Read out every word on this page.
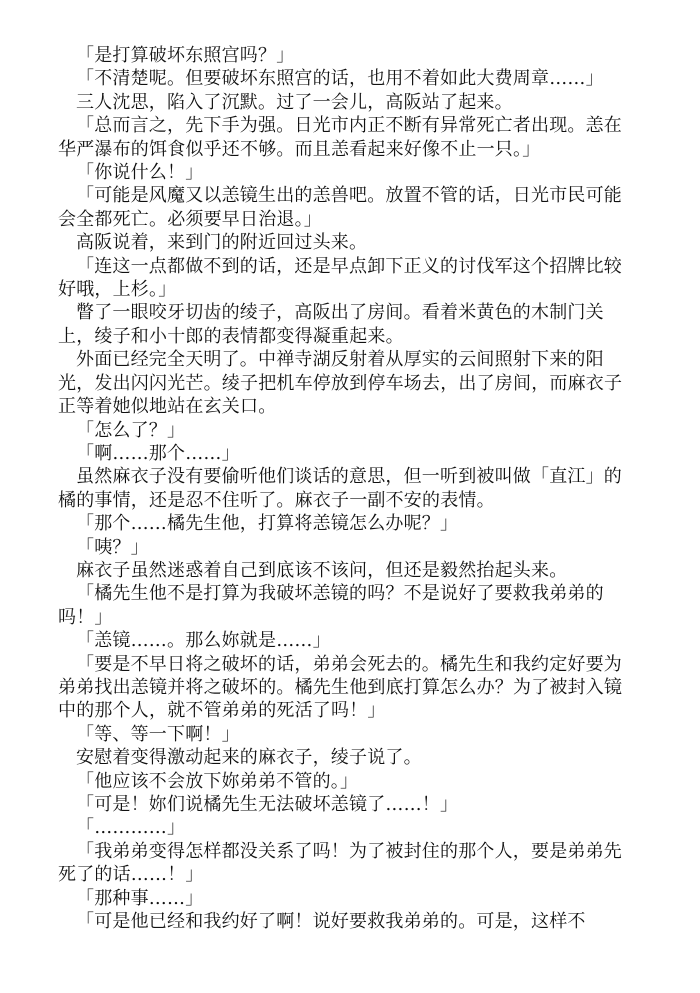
「是打算破坏东照宫吗？」

「不清楚呢。但要破坏东照宫的话，也用不着如此大费周章……」

三人沈思，陷入了沉默。过了一会儿，高阪站了起来。

「总而言之，先下手为强。日光市内正不断有异常死亡者出现。恙在华严瀑布的饵食似乎还不够。而且恙看起来好像不止一只。」

「你说什么！」

「可能是风魔又以恙镜生出的恙兽吧。放置不管的话，日光市民可能会全都死亡。必须要早日治退。」

高阪说着，来到门的附近回过头来。

「连这一点都做不到的话，还是早点卸下正义的讨伐军这个招牌比较好哦，上杉。」

瞥了一眼咬牙切齿的绫子，高阪出了房间。看着米黄色的木制门关上，绫子和小十郎的表情都变得凝重起来。

外面已经完全天明了。中禅寺湖反射着从厚实的云间照射下来的阳光，发出闪闪光芒。绫子把机车停放到停车场去，出了房间，而麻衣子正等着她似地站在玄关口。

「怎么了？」

「啊……那个……」

虽然麻衣子没有要偷听他们谈话的意思，但一听到被叫做「直江」的橘的事情，还是忍不住听了。麻衣子一副不安的表情。

「那个……橘先生他，打算将恙镜怎么办呢？」

「咦？」

麻衣子虽然迷惑着自己到底该不该问，但还是毅然抬起头来。

「橘先生他不是打算为我破坏恙镜的吗？不是说好了要救我弟弟的吗！」

「恙镜……。那么妳就是……」

「要是不早日将之破坏的话，弟弟会死去的。橘先生和我约定好要为弟弟找出恙镜并将之破坏的。橘先生他到底打算怎么办？为了被封入镜中的那个人，就不管弟弟的死活了吗！」

「等、等一下啊！」

安慰着变得激动起来的麻衣子，绫子说了。

「他应该不会放下妳弟弟不管的。」

「可是！妳们说橘先生无法破坏恙镜了……！」

「…………」

「我弟弟变得怎样都没关系了吗！为了被封住的那个人，要是弟弟先死了的话……！」

「那种事……」

「可是他已经和我约好了啊！说好要救我弟弟的。可是，这样不
